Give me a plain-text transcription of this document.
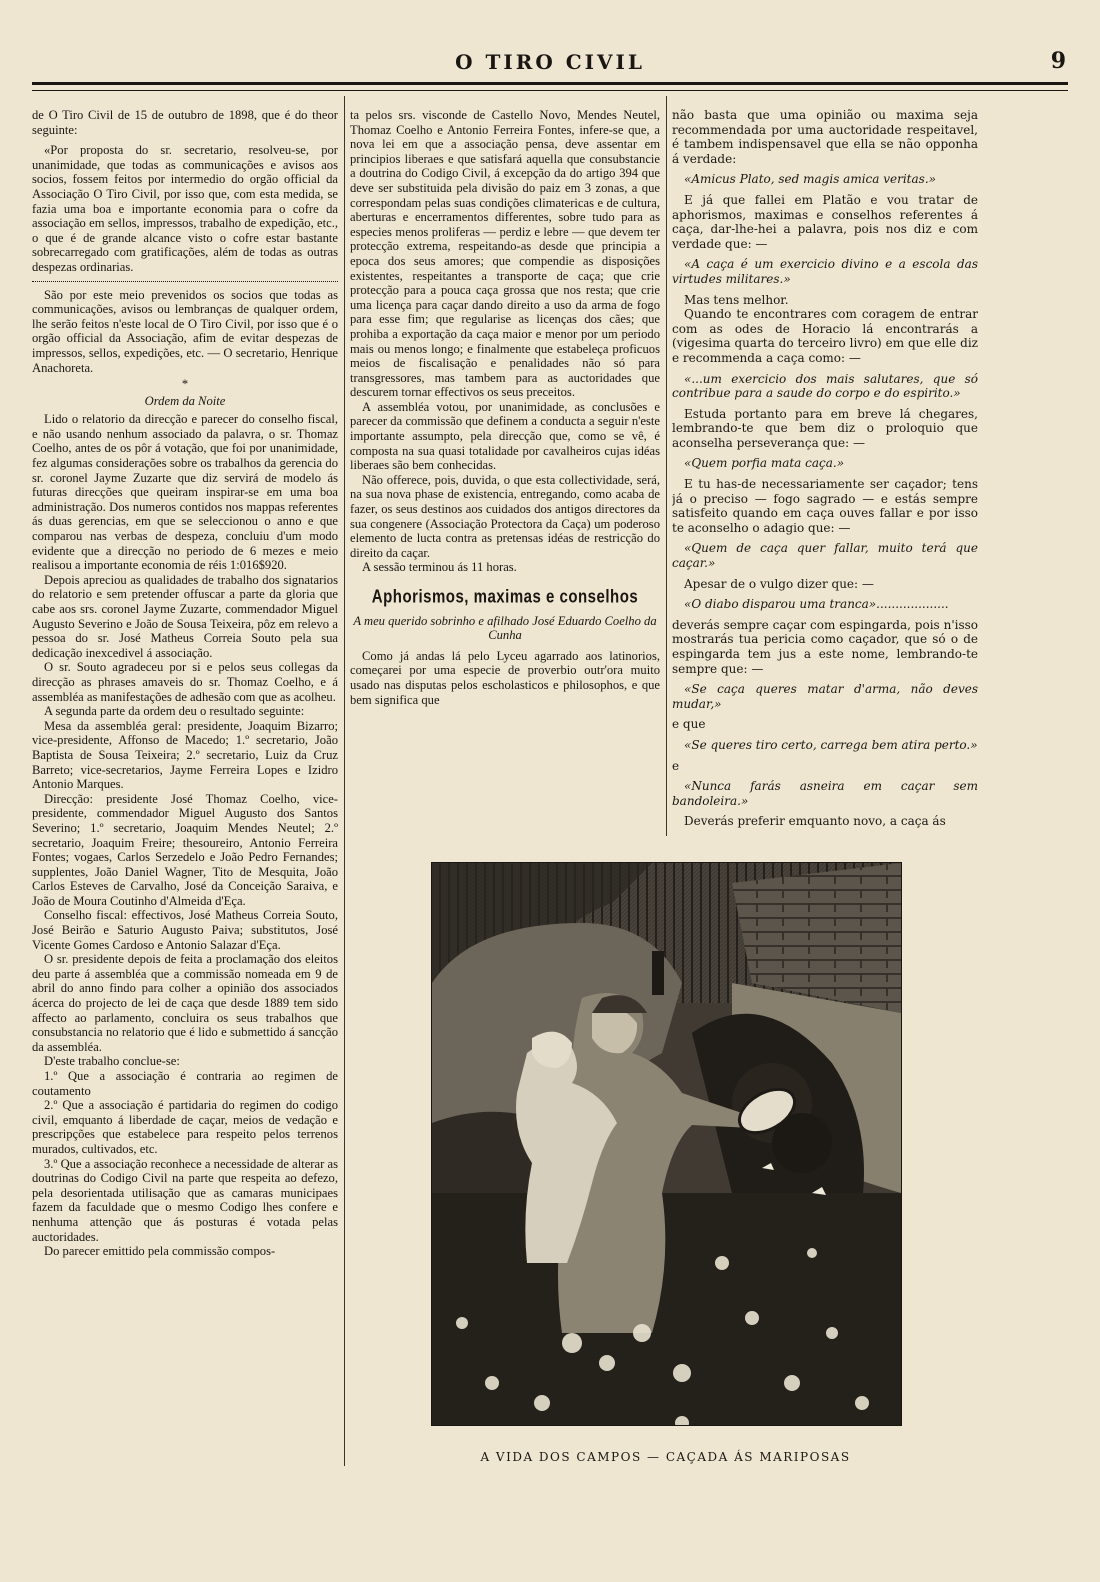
O TIRO CIVIL	9

de O Tiro Civil de 15 de outubro de 1898, que é do theor seguinte:

«Por proposta do sr. secretario, resolveu-se, por unanimidade, que todas as communicações e avisos aos socios, fossem feitos por intermedio do orgão official da Associação O Tiro Civil, por isso que, com esta medida, se fazia uma boa e importante economia para o cofre da associação em sellos, impressos, trabalho de expedição, etc., o que é de grande alcance visto o cofre estar bastante sobrecarregado com gratificações, além de todas as outras despezas ordinarias.

São por este meio prevenidos os socios que todas as communicações, avisos ou lembranças de qualquer ordem, lhe serão feitos n'este local de O Tiro Civil, por isso que é o orgão official da Associação, afim de evitar despezas de impressos, sellos, expedições, etc. — O secretario, Henrique Anachoreta.

*
Ordem da Noite

Lido o relatorio da direcção e parecer do conselho fiscal, e não usando nenhum associado da palavra, o sr. Thomaz Coelho, antes de os pôr á votação, que foi por unanimidade, fez algumas considerações sobre os trabalhos da gerencia do sr. coronel Jayme Zuzarte que diz servirá de modelo ás futuras direcções que queiram inspirar-se em uma boa administração. Dos numeros contidos nos mappas referentes ás duas gerencias, em que se seleccionou o anno e que comparou nas verbas de despeza, concluiu d'um modo evidente que a direcção no periodo de 6 mezes e meio realisou a importante economia de réis 1:016$920.

Depois apreciou as qualidades de trabalho dos signatarios do relatorio e sem pretender offuscar a parte da gloria que cabe aos srs. coronel Jayme Zuzarte, commendador Miguel Augusto Severino e João de Sousa Teixeira, pôz em relevo a pessoa do sr. José Matheus Correia Souto pela sua dedicação inexcedivel á associação.

O sr. Souto agradeceu por si e pelos seus collegas da direcção as phrases amaveis do sr. Thomaz Coelho, e á assembléa as manifestações de adhesão com que as acolheu.

A segunda parte da ordem deu o resultado seguinte:

Mesa da assembléa geral: presidente, Joaquim Bizarro; vice-presidente, Affonso de Macedo; 1.º secretario, João Baptista de Sousa Teixeira; 2.º secretario, Luiz da Cruz Barreto; vice-secretarios, Jayme Ferreira Lopes e Izidro Antonio Marques.

Direcção: presidente José Thomaz Coelho, vice-presidente, commendador Miguel Augusto dos Santos Severino; 1.º secretario, Joaquim Mendes Neutel; 2.º secretario, Joaquim Freire; thesoureiro, Antonio Ferreira Fontes; vogaes, Carlos Serzedelo e João Pedro Fernandes; supplentes, João Daniel Wagner, Tito de Mesquita, João Carlos Esteves de Carvalho, José da Conceição Saraiva, e João de Moura Coutinho d'Almeida d'Eça.

Conselho fiscal: effectivos, José Matheus Correia Souto, José Beirão e Saturio Augusto Paiva; substitutos, José Vicente Gomes Cardoso e Antonio Salazar d'Eça.

O sr. presidente depois de feita a proclamação dos eleitos deu parte á assembléa que a commissão nomeada em 9 de abril do anno findo para colher a opinião dos associados ácerca do projecto de lei de caça que desde 1889 tem sido affecto ao parlamento, concluira os seus trabalhos que consubstancia no relatorio que é lido e submettido á sancção da assembléa.

D'este trabalho conclue-se:

1.º Que a associação é contraria ao regimen de coutamento

2.º Que a associação é partidaria do regimen do codigo civil, emquanto á liberdade de caçar, meios de vedação e prescripções que estabelece para respeito pelos terrenos murados, cultivados, etc.

3.º Que a associação reconhece a necessidade de alterar as doutrinas do Codigo Civil na parte que respeita ao defezo, pela desorientada utilisação que as camaras municipaes fazem da faculdade que o mesmo Codigo lhes confere e nenhuma attenção que ás posturas é votada pelas auctoridades.

Do parecer emittido pela commissão compos-

ta pelos srs. visconde de Castello Novo, Mendes Neutel, Thomaz Coelho e Antonio Ferreira Fontes, infere-se que, a nova lei em que a associação pensa, deve assentar em principios liberaes e que satisfará aquella que consubstancie a doutrina do Codigo Civil, á excepção da do artigo 394 que deve ser substituida pela divisão do paiz em 3 zonas, a que correspondam pelas suas condições climatericas e de cultura, aberturas e encerramentos differentes, sobre tudo para as especies menos proliferas — perdiz e lebre — que devem ter protecção extrema, respeitando-as desde que principia a epoca dos seus amores; que compendie as disposições existentes, respeitantes a transporte de caça; que crie protecção para a pouca caça grossa que nos resta; que crie uma licença para caçar dando direito a uso da arma de fogo para esse fim; que regularise as licenças dos cães; que prohiba a exportação da caça maior e menor por um periodo mais ou menos longo; e finalmente que estabeleça proficuos meios de fiscalisação e penalidades não só para transgressores, mas tambem para as auctoridades que descurem tornar effectivos os seus preceitos.

A assembléa votou, por unanimidade, as conclusões e parecer da commissão que definem a conducta a seguir n'este importante assumpto, pela direcção que, como se vê, é composta na sua quasi totalidade por cavalheiros cujas idéas liberaes são bem conhecidas.

Não offerece, pois, duvida, o que esta collectividade, será, na sua nova phase de existencia, entregando, como acaba de fazer, os seus destinos aos cuidados dos antigos directores da sua congenere (Associação Protectora da Caça) um poderoso elemento de lucta contra as pretensas idéas de restricção do direito da caçar.

A sessão terminou ás 11 horas.

Aphorismos, maximas e conselhos
A meu querido sobrinho e afilhado José Eduardo Coelho da Cunha

Como já andas lá pelo Lyceu agarrado aos latinorios, começarei por uma especie de proverbio outr'ora muito usado nas disputas pelos escholasticos e philosophos, e que bem significa que

não basta que uma opinião ou maxima seja recommendada por uma auctoridade respeitavel, é tambem indispensavel que ella se não opponha á verdade:

«Amicus Plato, sed magis amica veritas.»

E já que fallei em Platão e vou tratar de aphorismos, maximas e conselhos referentes á caça, dar-lhe-hei a palavra, pois nos diz e com verdade que: —

«A caça é um exercicio divino e a escola das virtudes militares.»

Mas tens melhor.

Quando te encontrares com coragem de entrar com as odes de Horacio lá encontrarás a (vigesima quarta do terceiro livro) em que elle diz e recommenda a caça como: —

«...um exercicio dos mais salutares, que só contribue para a saude do corpo e do espirito.»

Estuda portanto para em breve lá chegares, lembrando-te que bem diz o proloquio que aconselha perseverança que: —

«Quem porfia mata caça.»

E tu has-de necessariamente ser caçador; tens já o preciso — fogo sagrado — e estás sempre satisfeito quando em caça ouves fallar e por isso te aconselho o adagio que: —

«Quem de caça quer fallar, muito terá que caçar.»

Apesar de o vulgo dizer que: —

«O diabo disparou uma tranca»...................

deverás sempre caçar com espingarda, pois n'isso mostrarás tua pericia como caçador, que só o de espingarda tem jus a este nome, lembrando-te sempre que: —

«Se caça queres matar d'arma, não deves mudar,»

e que

«Se queres tiro certo, carrega bem atira perto.»

e

«Nunca farás asneira em caçar sem bandoleira.»

Deverás preferir emquanto novo, a caça ás

A VIDA DOS CAMPOS — CAÇADA ÁS MARIPOSAS
